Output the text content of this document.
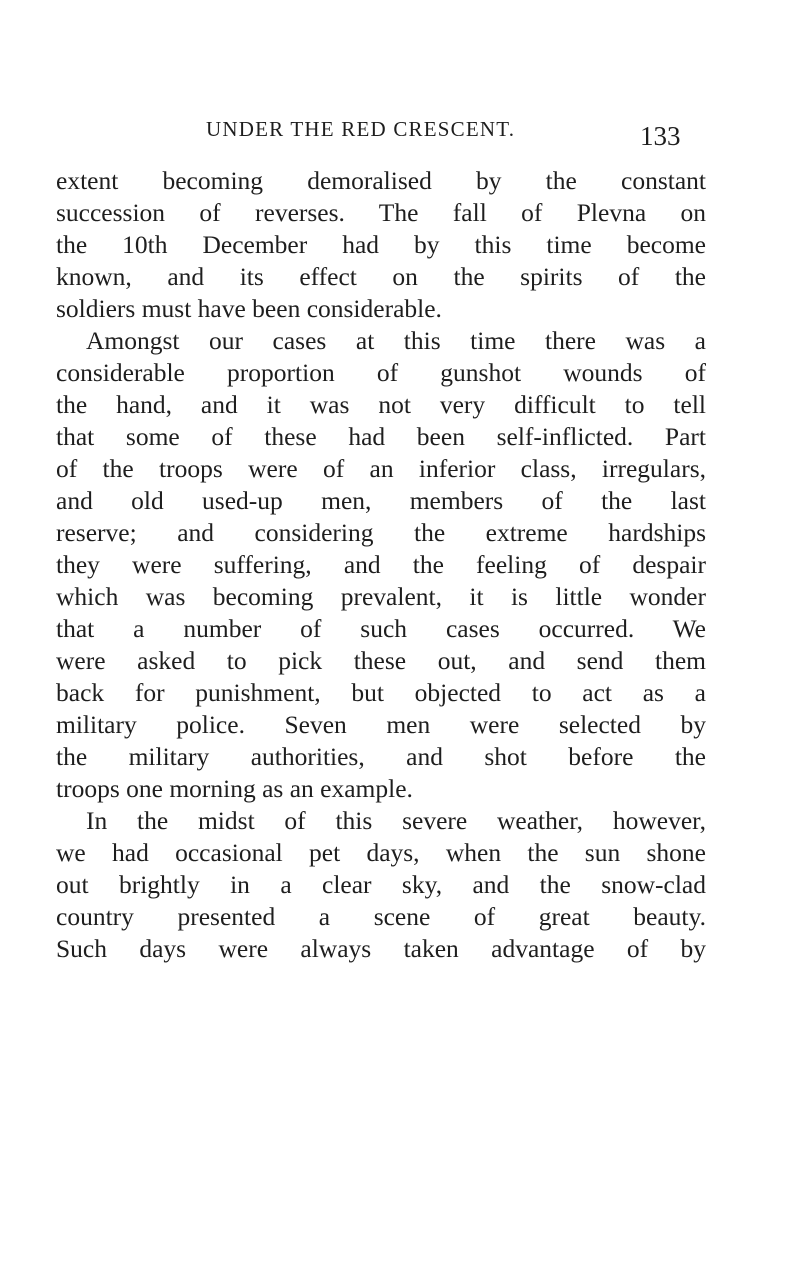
UNDER THE RED CRESCENT.	133
extent becoming demoralised by the constant
succession of reverses. The fall of Plevna on
the 10th December had by this time become
known, and its effect on the spirits of the
soldiers must have been considerable.
Amongst our cases at this time there was a
considerable proportion of gunshot wounds of
the hand, and it was not very difficult to tell
that some of these had been self-inflicted. Part
of the troops were of an inferior class, irregulars,
and old used-up men, members of the last
reserve; and considering the extreme hardships
they were suffering, and the feeling of despair
which was becoming prevalent, it is little wonder
that a number of such cases occurred. We
were asked to pick these out, and send them
back for punishment, but objected to act as a
military police. Seven men were selected by
the military authorities, and shot before the
troops one morning as an example.
In the midst of this severe weather, however,
we had occasional pet days, when the sun shone
out brightly in a clear sky, and the snow-clad
country presented a scene of great beauty.
Such days were always taken advantage of by
